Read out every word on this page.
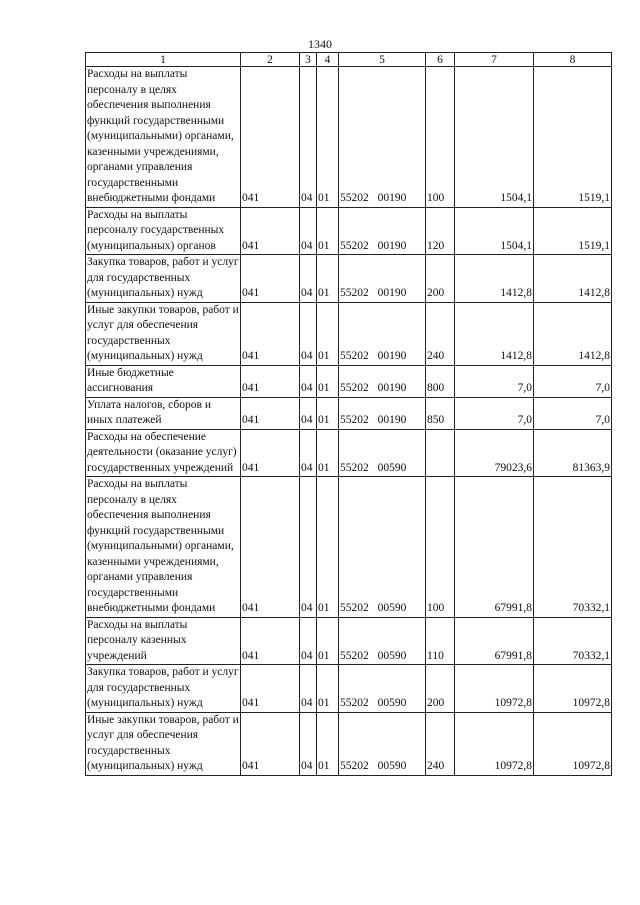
1340
1	2	3	4	5	6	7	8
Расходы на выплаты персоналу в целях обеспечения выполнения функций государственными (муниципальными) органами, казенными учреждениями, органами управления государственными внебюджетными фондами	041	04	01	55202 00190	100	1504,1	1519,1
Расходы на выплаты персоналу государственных (муниципальных) органов	041	04	01	55202 00190	120	1504,1	1519,1
Закупка товаров, работ и услуг для государственных (муниципальных) нужд	041	04	01	55202 00190	200	1412,8	1412,8
Иные закупки товаров, работ и услуг для обеспечения государственных (муниципальных) нужд	041	04	01	55202 00190	240	1412,8	1412,8
Иные бюджетные ассигнования	041	04	01	55202 00190	800	7,0	7,0
Уплата налогов, сборов и иных платежей	041	04	01	55202 00190	850	7,0	7,0
Расходы на обеспечение деятельности (оказание услуг) государственных учреждений	041	04	01	55202 00590		79023,6	81363,9
Расходы на выплаты персоналу в целях обеспечения выполнения функций государственными (муниципальными) органами, казенными учреждениями, органами управления государственными внебюджетными фондами	041	04	01	55202 00590	100	67991,8	70332,1
Расходы на выплаты персоналу казенных учреждений	041	04	01	55202 00590	110	67991,8	70332,1
Закупка товаров, работ и услуг для государственных (муниципальных) нужд	041	04	01	55202 00590	200	10972,8	10972,8
Иные закупки товаров, работ и услуг для обеспечения государственных (муниципальных) нужд	041	04	01	55202 00590	240	10972,8	10972,8
